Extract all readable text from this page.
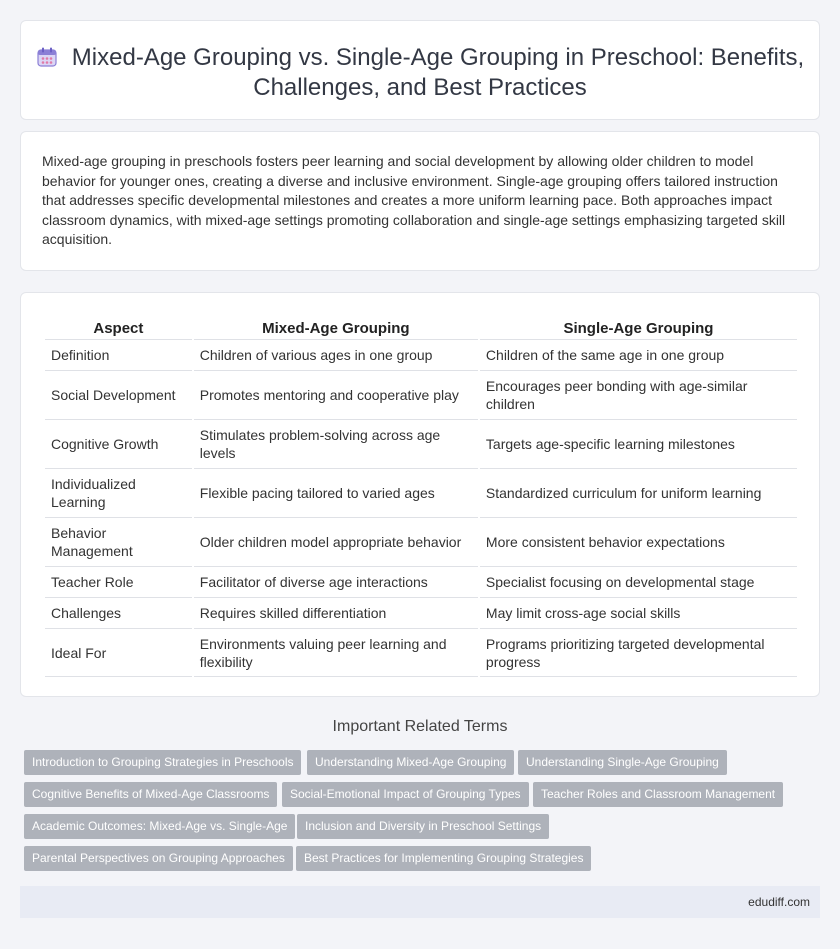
Mixed-Age Grouping vs. Single-Age Grouping in Preschool: Benefits, Challenges, and Best Practices

Mixed-age grouping in preschools fosters peer learning and social development by allowing older children to model behavior for younger ones, creating a diverse and inclusive environment. Single-age grouping offers tailored instruction that addresses specific developmental milestones and creates a more uniform learning pace. Both approaches impact classroom dynamics, with mixed-age settings promoting collaboration and single-age settings emphasizing targeted skill acquisition.

Aspect	Mixed-Age Grouping	Single-Age Grouping
Definition	Children of various ages in one group	Children of the same age in one group
Social Development	Promotes mentoring and cooperative play	Encourages peer bonding with age-similar children
Cognitive Growth	Stimulates problem-solving across age levels	Targets age-specific learning milestones
Individualized Learning	Flexible pacing tailored to varied ages	Standardized curriculum for uniform learning
Behavior Management	Older children model appropriate behavior	More consistent behavior expectations
Teacher Role	Facilitator of diverse age interactions	Specialist focusing on developmental stage
Challenges	Requires skilled differentiation	May limit cross-age social skills
Ideal For	Environments valuing peer learning and flexibility	Programs prioritizing targeted developmental progress
Important Related Terms
Introduction to Grouping Strategies in Preschools	Understanding Mixed-Age Grouping	Understanding Single-Age Grouping
Cognitive Benefits of Mixed-Age Classrooms	Social-Emotional Impact of Grouping Types	Teacher Roles and Classroom Management
Academic Outcomes: Mixed-Age vs. Single-Age	Inclusion and Diversity in Preschool Settings
Parental Perspectives on Grouping Approaches	Best Practices for Implementing Grouping Strategies
edudiff.com
